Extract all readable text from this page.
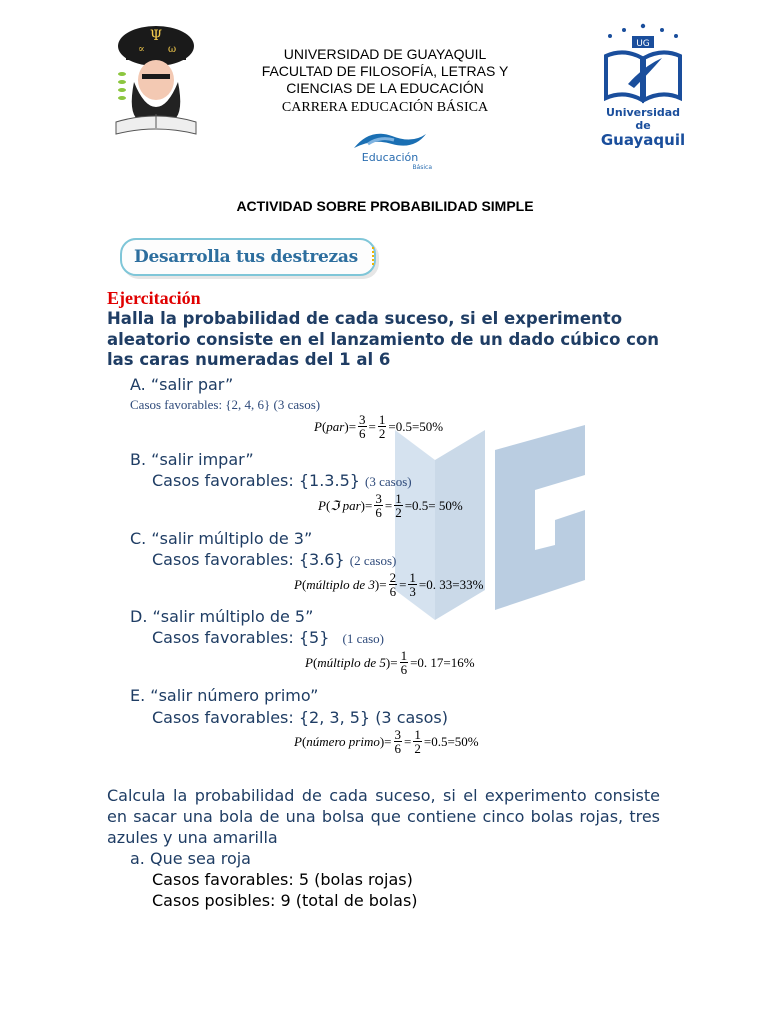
Ψ
∝ ω	UNIVERSIDAD DE GUAYAQUIL
FACULTAD DE FILOSOFÍA, LETRAS Y
CIENCIAS DE LA EDUCACIÓN
CARRERA EDUCACIÓN BÁSICA
Educación
Básica
UG
Universidad de
Guayaquil
ACTIVIDAD SOBRE PROBABILIDAD SIMPLE
Desarrolla tus destrezas
Ejercitación
Halla la probabilidad de cada suceso, si el experimento aleatorio consiste en el lanzamiento de un dado cúbico con las caras numeradas del 1 al 6
A. “salir par”
Casos favorables: {2, 4, 6} (3 casos)
P ( par )= $\frac{3}{6} = \frac{1}{2} =0.5=50\%$
B. “salir impar”
Casos favorables: {1.3.5} (3 casos)
P ( ℑ par )= $\frac{3}{6} = \frac{1}{2} =0.5= 50\%$
C. “salir múltiplo de 3”
Casos favorables: {3.6} (2 casos)
P ( múltiplo de 3 )= $\frac{2}{6} = \frac{1}{3} =0$. 33=33%
D. “salir múltiplo de 5”
Casos favorables: {5} (1 caso)
P ( múltiplo de 5 )= $\frac{1}{6} =0$. 17=16%
E. “salir número primo”
Casos favorables: {2, 3, 5} (3 casos)
P ( número primo )= $\frac{3}{6} = \frac{1}{2} =0.5=50\%$
Calcula la probabilidad de cada suceso, si el experimento consiste en sacar una bola de una bolsa que contiene cinco bolas rojas, tres azules y una amarilla
a. Que sea roja
Casos favorables: 5 (bolas rojas)
Casos posibles: 9 (total de bolas)
